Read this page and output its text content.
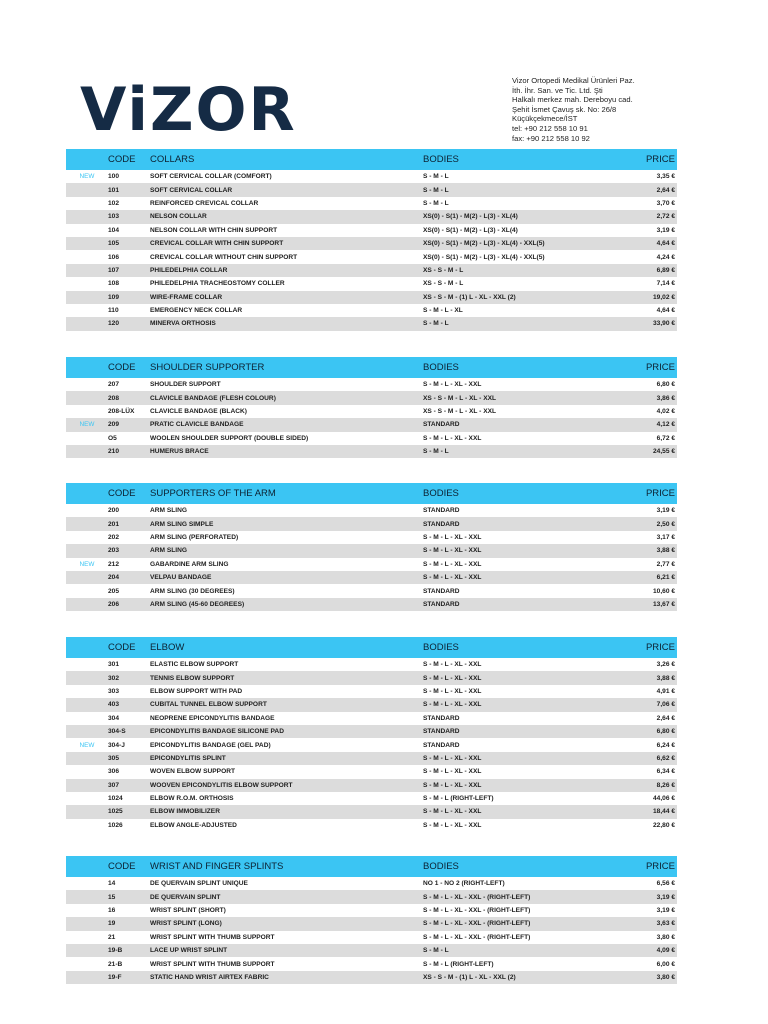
ViZOR	Vizor Ortopedi Medikal Ürünleri Paz.
İth. İhr. San. ve Tic. Ltd. Şti
Halkalı merkez mah. Dereboyu cad.
Şehit İsmet Çavuş sk. No: 26/8
Küçükçekmece/İST
tel: +90 212 558 10 91
fax: +90 212 558 10 92
CODE	COLLARS	BODIES	PRICE
NEW	100	SOFT CERVİCAL COLLAR (COMFORT)	S - M - L	3,35 €
101	SOFT CERVİCAL COLLAR	S - M - L	2,64 €
102	REINFORCED CREVICAL COLLAR	S - M - L	3,70 €
103	NELSON COLLAR	XS(0) - S(1) - M(2) - L(3) - XL(4)	2,72 €
104	NELSON COLLAR WITH CHIN SUPPORT	XS(0) - S(1) - M(2) - L(3) - XL(4)	3,19 €
105	CREVICAL COLLAR WITH CHIN SUPPORT	XS(0) - S(1) - M(2) - L(3) - XL(4) - XXL(5)	4,64 €
106	CREVICAL COLLAR WITHOUT CHIN SUPPORT	XS(0) - S(1) - M(2) - L(3) - XL(4) - XXL(5)	4,24 €
107	PHILEDELPHIA COLLAR	XS - S - M - L	6,89 €
108	PHILEDELPHIA TRACHEOSTOMY COLLER	XS - S - M - L	7,14 €
109	WIRE-FRAME COLLAR	XS - S - M - (1) L - XL - XXL (2)	19,02 €
110	EMERGENCY NECK COLLAR	S - M - L - XL	4,64 €
120	MINERVA ORTHOSIS	S - M - L	33,90 €
CODE	SHOULDER SUPPORTER	BODIES	PRICE
207	SHOULDER SUPPORT	S - M - L - XL - XXL	6,80 €
208	CLAVICLE BANDAGE (FLESH COLOUR)	XS - S - M - L - XL - XXL	3,86 €
208-LÜX	CLAVICLE BANDAGE (BLACK)	XS - S - M - L - XL - XXL	4,02 €
NEW	209	PRATIC CLAVICLE BANDAGE	STANDARD	4,12 €
O5	WOOLEN SHOULDER SUPPORT (DOUBLE SIDED)	S - M - L - XL - XXL	6,72 €
210	HUMERUS BRACE	S - M - L	24,55 €
CODE	SUPPORTERS OF THE ARM	BODIES	PRICE
200	ARM SLING	STANDARD	3,19 €
201	ARM SLING SIMPLE	STANDARD	2,50 €
202	ARM SLING (PERFORATED)	S - M - L - XL - XXL	3,17 €
203	ARM SLING	S - M - L - XL - XXL	3,88 €
NEW	212	GABARDINE ARM SLING	S - M - L - XL - XXL	2,77 €
204	VELPAU BANDAGE	S - M - L - XL - XXL	6,21 €
205	ARM SLING (30 DEGREES)	STANDARD	10,60 €
206	ARM SLING (45-60 DEGREES)	STANDARD	13,67 €
CODE	ELBOW	BODIES	PRICE
301	ELASTİC ELBOW SUPPORT	S - M - L - XL - XXL	3,26 €
302	TENNIS ELBOW SUPPORT	S - M - L - XL - XXL	3,88 €
303	ELBOW SUPPORT WITH PAD	S - M - L - XL - XXL	4,91 €
403	CUBITAL TUNNEL ELBOW SUPPORT	S - M - L - XL - XXL	7,06 €
304	NEOPRENE EPICONDYLITIS BANDAGE	STANDARD	2,64 €
304-S	EPICONDYLITIS BANDAGE SİLİCONE PAD	STANDARD	6,80 €
NEW	304-J	EPICONDYLITIS BANDAGE (GEL PAD)	STANDARD	6,24 €
305	EPICONDYLITIS SPLİNT	S - M - L - XL - XXL	6,62 €
306	WOVEN ELBOW SUPPORT	S - M - L - XL - XXL	6,34 €
307	WOOVEN EPICONDYLITIS ELBOW SUPPORT	S - M - L - XL - XXL	8,26 €
1024	ELBOW R.O.M. ORTHOSİS	S - M - L (RIGHT-LEFT)	44,06 €
1025	ELBOW IMMOBILIZER	S - M - L - XL - XXL	18,44 €
1026	ELBOW ANGLE-ADJUSTED	S - M - L - XL - XXL	22,80 €
CODE	WRIST AND FINGER SPLINTS	BODIES	PRICE
14	DE QUERVAIN SPLINT UNIQUE	NO 1 - NO 2 (RIGHT-LEFT)	6,56 €
15	DE QUERVAIN SPLINT	S - M - L - XL - XXL - (RIGHT-LEFT)	3,19 €
16	WRIST SPLINT (SHORT)	S - M - L - XL - XXL - (RIGHT-LEFT)	3,19 €
19	WRIST SPLINT (LONG)	S - M - L - XL - XXL - (RIGHT-LEFT)	3,63 €
21	WRIST SPLINT WITH THUMB SUPPORT	S - M - L - XL - XXL - (RIGHT-LEFT)	3,80 €
19-B	LACE UP WRIST SPLINT	S - M - L	4,09 €
21-B	WRIST SPLINT WITH THUMB SUPPORT	S - M - L (RIGHT-LEFT)	6,00 €
19-F	STATİC HAND WRİST AİRTEX FABRİC	XS - S - M - (1) L - XL - XXL (2)	3,80 €
